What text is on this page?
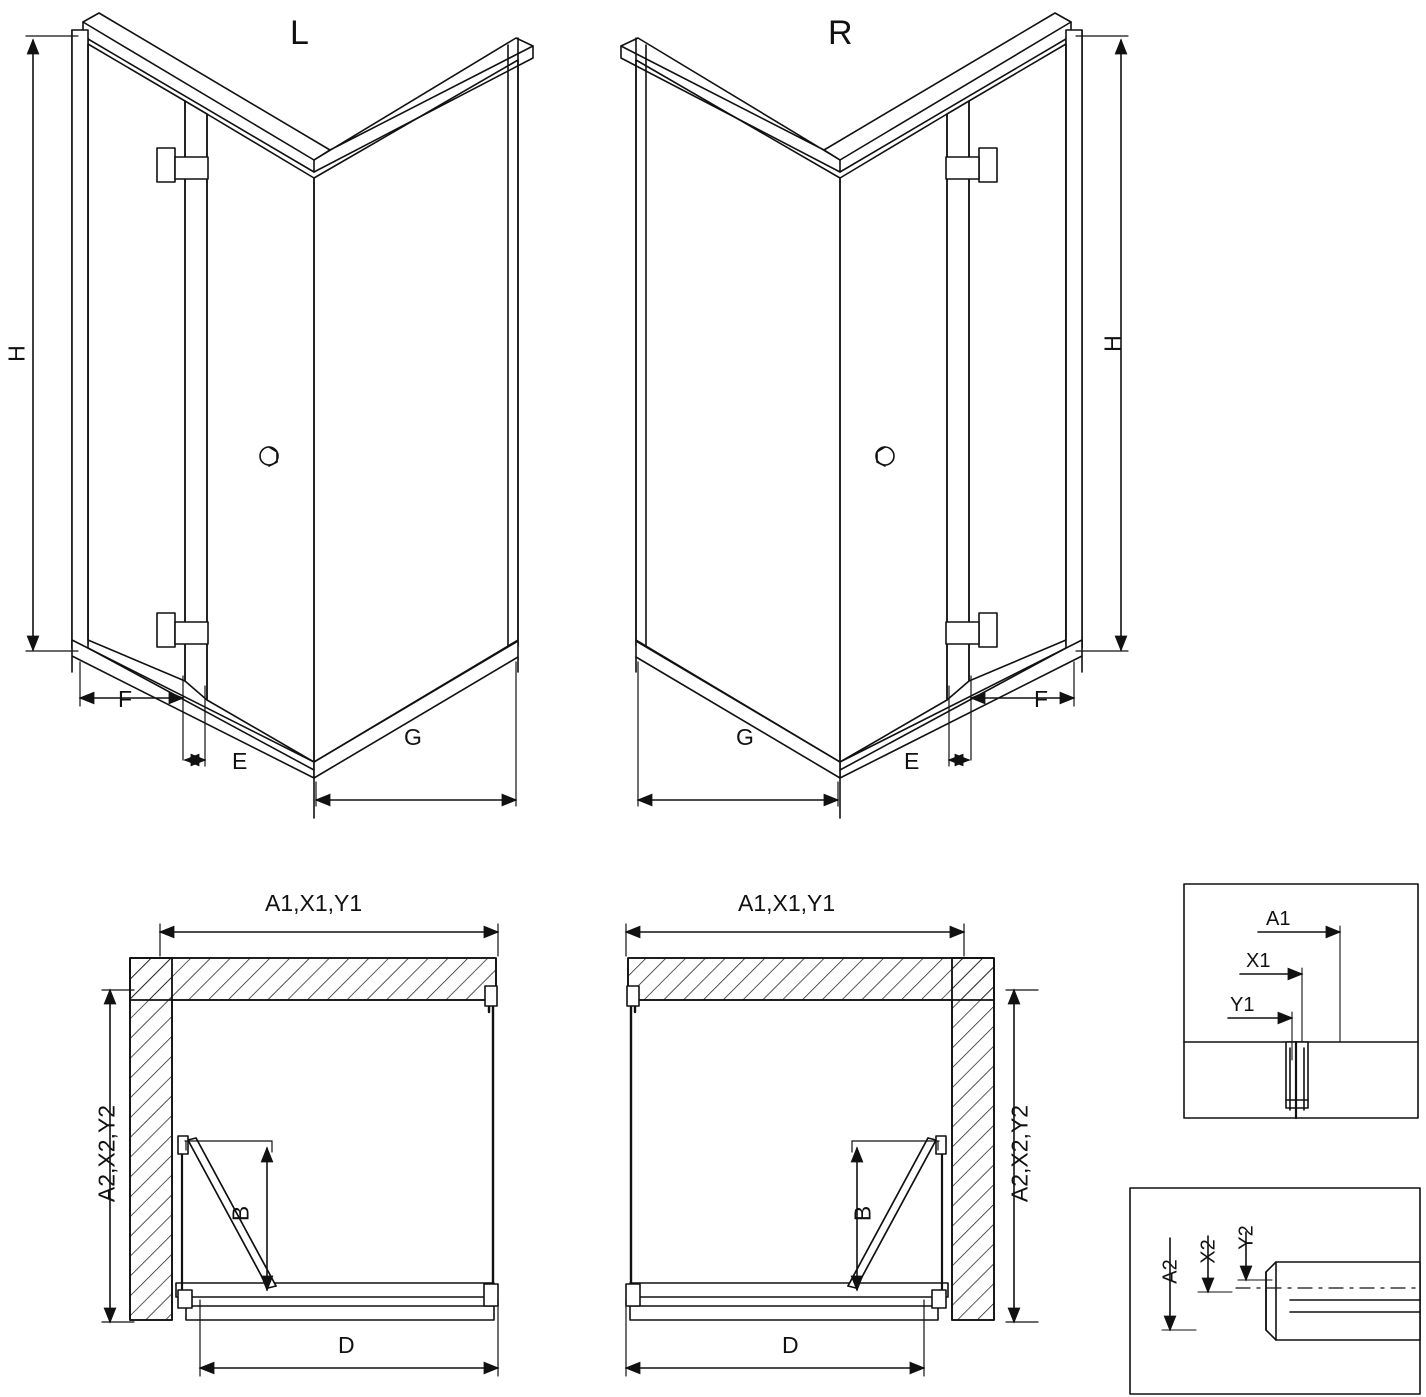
L	R
H
H
F
E
G	G
E
F
A1,X1,Y1
A2,X2,Y2
B
D
A1,X1,Y1
A2,X2,Y2
B
D
A1
X1
Y1
A2
X2
Y2
